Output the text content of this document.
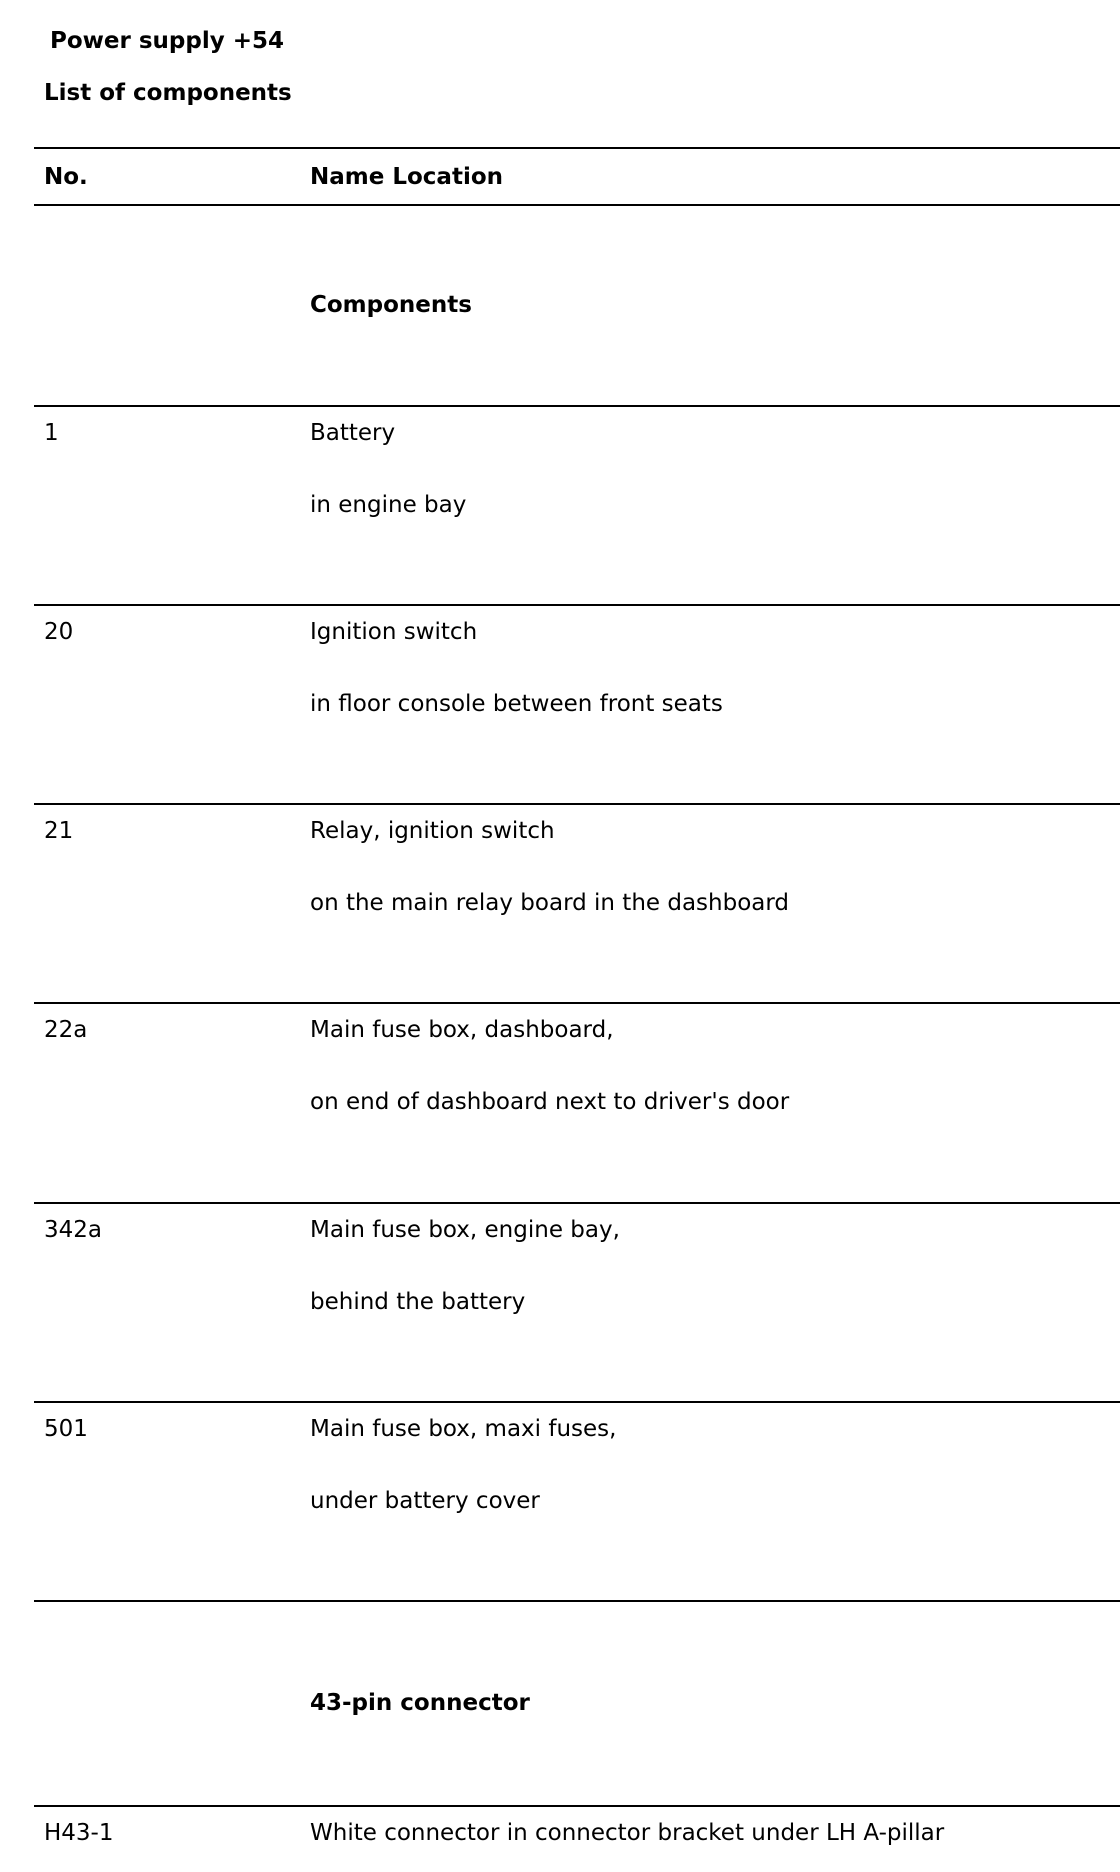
Power supply +54
List of components
No.	Name Location
Components
1	Battery
in engine bay
20	Ignition switch
in floor console between front seats
21	Relay, ignition switch
on the main relay board in the dashboard
22a	Main fuse box, dashboard,
on end of dashboard next to driver's door
342a	Main fuse box, engine bay,
behind the battery
501	Main fuse box, maxi fuses,
under battery cover
43-pin connector
H43-1	White connector in connector bracket under LH A-pillar
